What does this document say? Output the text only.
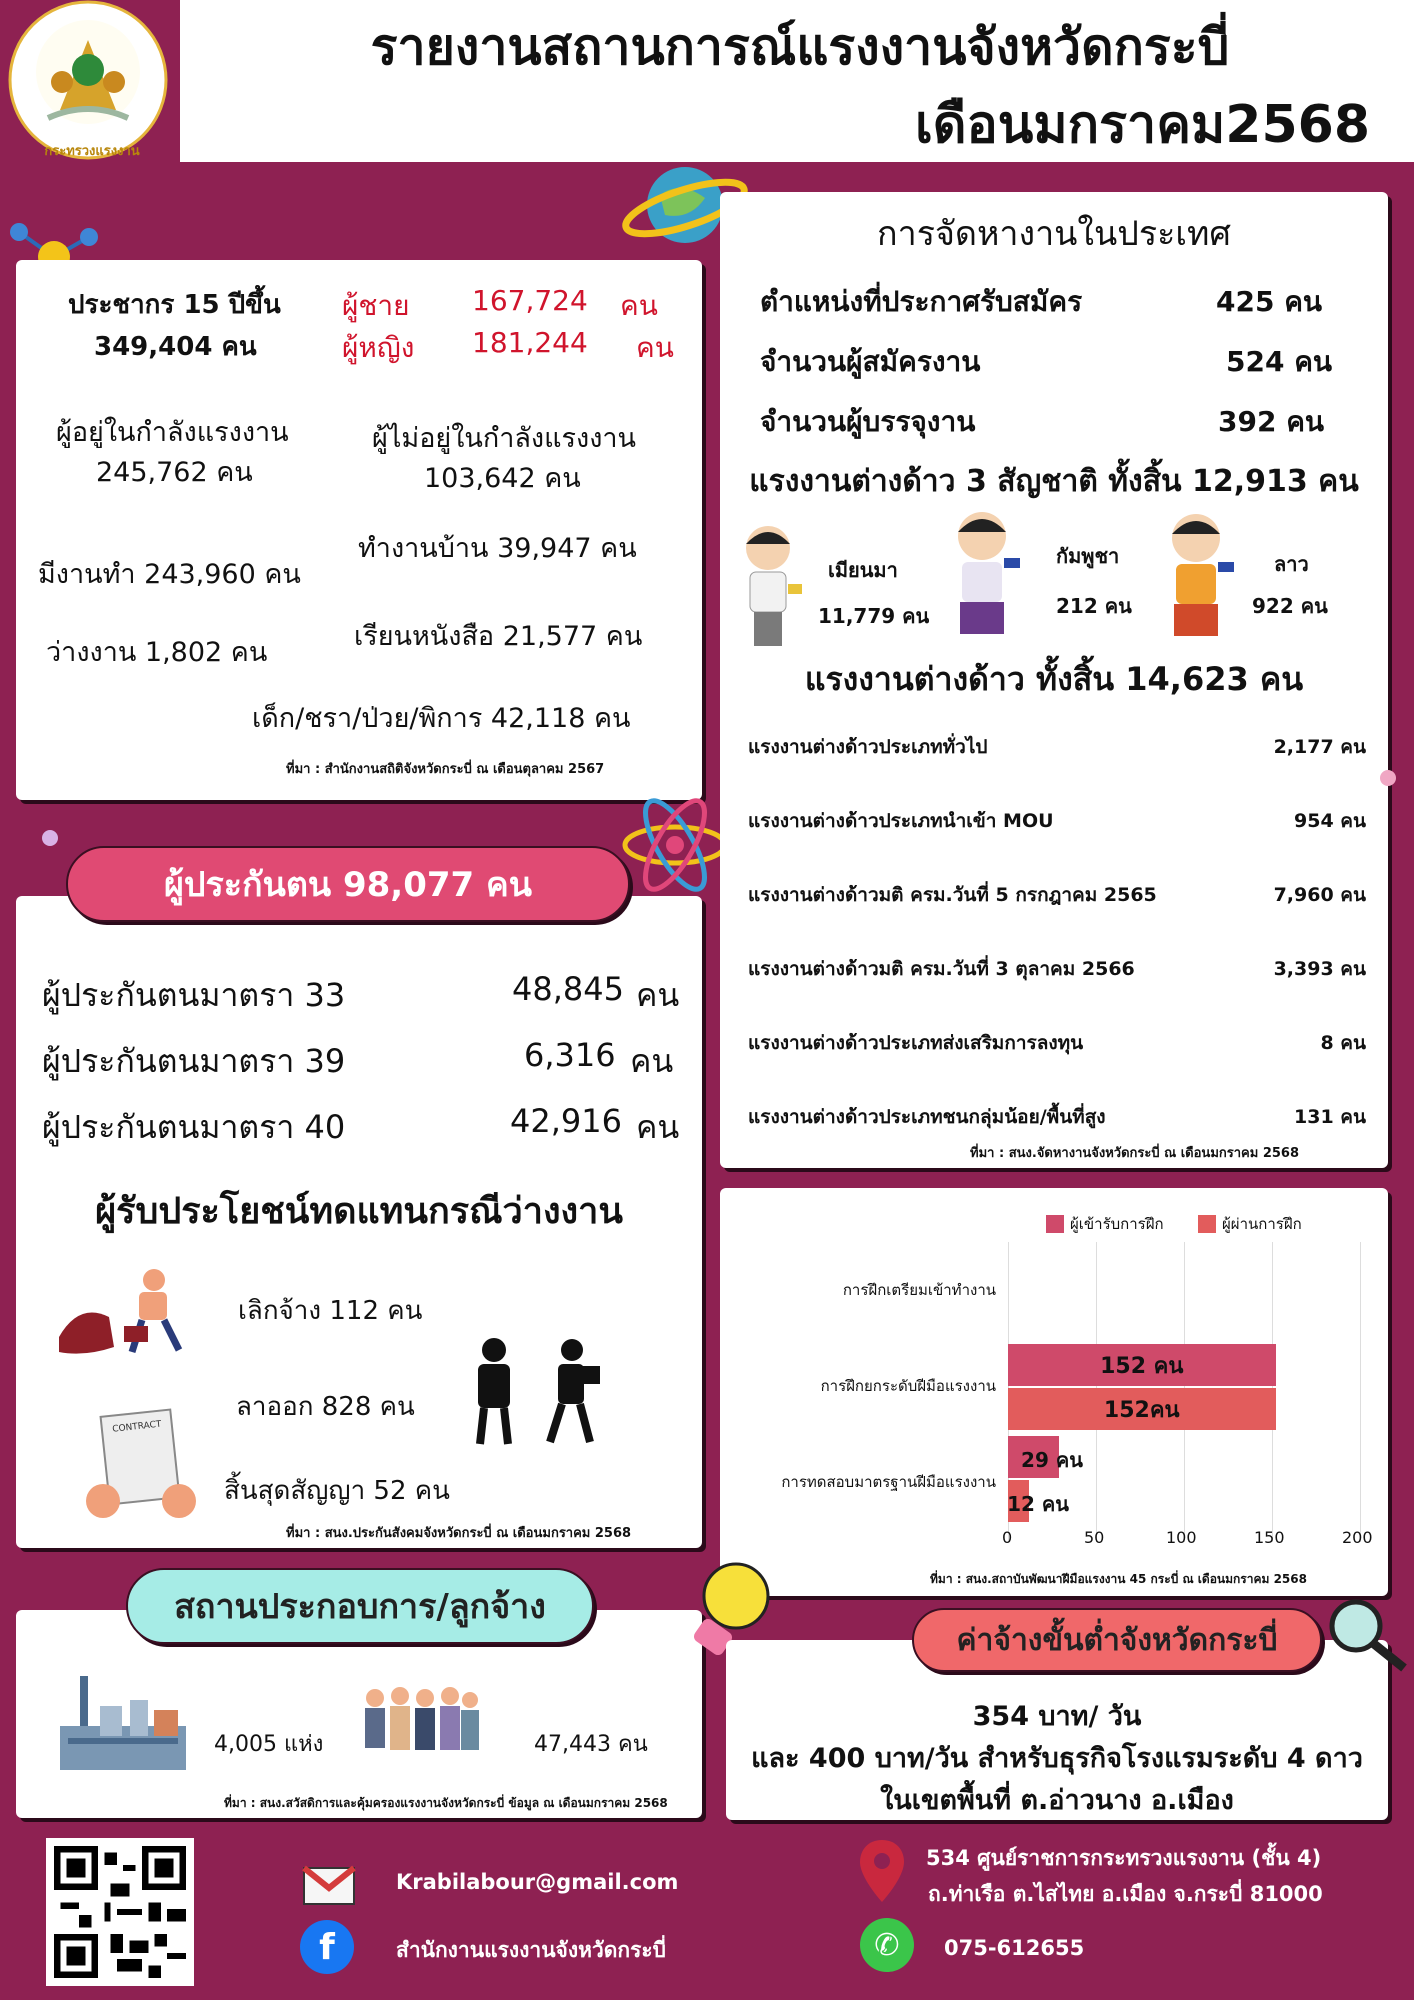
กระทรวงแรงงาน
รายงานสถานการณ์แรงงานจังหวัดกระบี่
เดือนมกราคม2568
ประชากร 15 ปีขึ้น
349,404 คน
ผู้ชาย 167,724 คน
ผู้หญิง 181,244 คน
ผู้อยู่ในกำลังแรงงาน
245,762 คน
ผู้ไม่อยู่ในกำลังแรงงาน
103,642 คน
ทำงานบ้าน 39,947 คน
มีงานทำ 243,960 คน
เรียนหนังสือ 21,577 คน
ว่างงาน 1,802 คน
เด็ก/ชรา/ป่วย/พิการ 42,118 คน
ที่มา : สำนักงานสถิติจังหวัดกระบี่ ณ เดือนตุลาคม 2567
ผู้ประกันตน 98,077 คน
ผู้ประกันตนมาตรา 33	48,845 คน
ผู้ประกันตนมาตรา 39	6,316 คน
ผู้ประกันตนมาตรา 40	42,916 คน
ผู้รับประโยชน์ทดแทนกรณีว่างงาน
เลิกจ้าง 112 คน
ลาออก 828 คน
CONTRACT
สิ้นสุดสัญญา 52 คน
ที่มา : สนง.ประกันสังคมจังหวัดกระบี่ ณ เดือนมกราคม 2568
สถานประกอบการ/ลูกจ้าง
4,005 แห่ง	47,443 คน
ที่มา : สนง.สวัสดิการและคุ้มครองแรงงานจังหวัดกระบี่ ข้อมูล ณ เดือนมกราคม 2568
การจัดหางานในประเทศ
ตำแหน่งที่ประกาศรับสมัคร	425 คน
จำนวนผู้สมัครงาน	524 คน
จำนวนผู้บรรจุงาน	392 คน
แรงงานต่างด้าว 3 สัญชาติ ทั้งสิ้น 12,913 คน
เมียนมา
11,779 คน
กัมพูชา
212 คน
ลาว
922 คน
แรงงานต่างด้าว ทั้งสิ้น 14,623 คน
แรงงานต่างด้าวประเภททั่วไป	2,177 คน
แรงงานต่างด้าวประเภทนำเข้า MOU	954 คน
แรงงานต่างด้าวมติ ครม.วันที่ 5 กรกฎาคม 2565	7,960 คน
แรงงานต่างด้าวมติ ครม.วันที่ 3 ตุลาคม 2566	3,393 คน
แรงงานต่างด้าวประเภทส่งเสริมการลงทุน	8 คน
แรงงานต่างด้าวประเภทชนกลุ่มน้อย/พื้นที่สูง	131 คน
ที่มา : สนง.จัดหางานจังหวัดกระบี่ ณ เดือนมกราคม 2568
ผู้เข้ารับการฝึก	ผู้ผ่านการฝึก
การฝึกเตรียมเข้าทำงาน
การฝึกยกระดับฝีมือแรงงาน
การทดสอบมาตรฐานฝีมือแรงงาน
152 คน
152คน
29 คน
12 คน
0	50	100	150	200
ที่มา : สนง.สถาบันพัฒนาฝีมือแรงงาน 45 กระบี่ ณ เดือนมกราคม 2568
ค่าจ้างขั้นต่ำจังหวัดกระบี่
354 บาท/ วัน
และ 400 บาท/วัน สำหรับธุรกิจโรงแรมระดับ 4 ดาว
ในเขตพื้นที่ ต.อ่าวนาง อ.เมือง
Krabilabour@gmail.com
f	สำนักงานแรงงานจังหวัดกระบี่
534 ศูนย์ราชการกระทรวงแรงงาน (ชั้น 4)
ถ.ท่าเรือ ต.ไสไทย อ.เมือง จ.กระบี่ 81000
✆	075-612655
